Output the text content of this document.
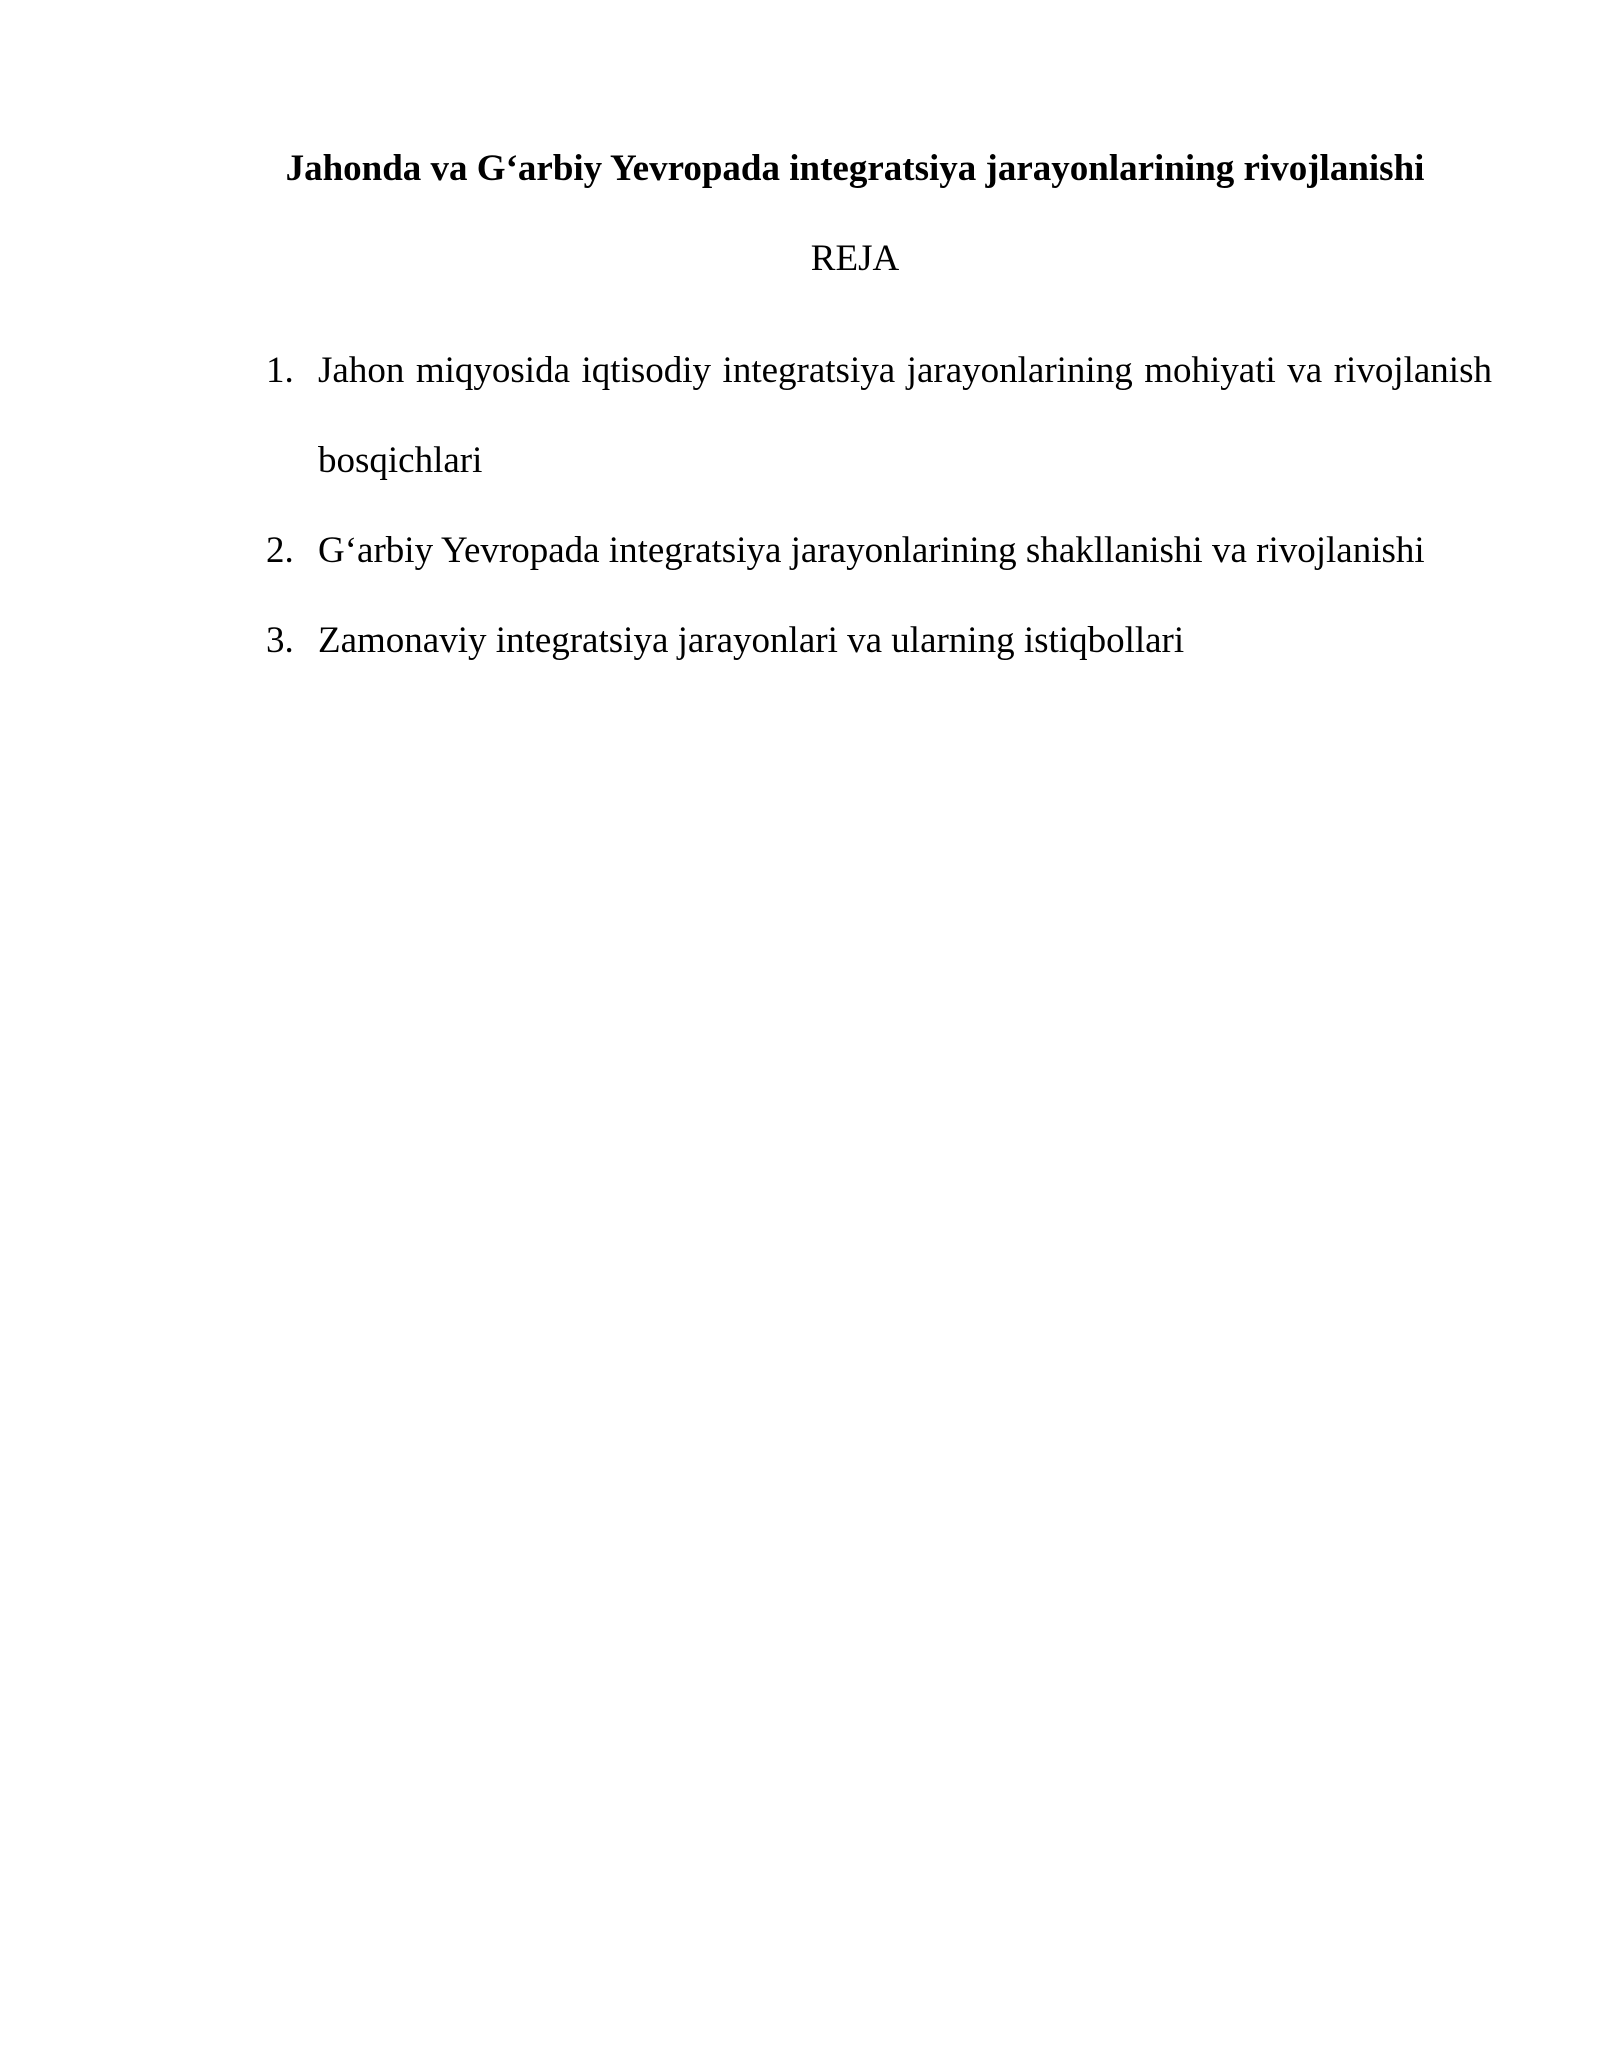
Jahonda va G‘arbiy Yevropada integratsiya jarayonlarining rivojlanishi
REJA
1. Jahon miqyosida iqtisodiy integratsiya jarayonlarining mohiyati va rivojlanish bosqichlari
2. G‘arbiy Yevropada integratsiya jarayonlarining shakllanishi va rivojlanishi
3. Zamonaviy integratsiya jarayonlari va ularning istiqbollari
